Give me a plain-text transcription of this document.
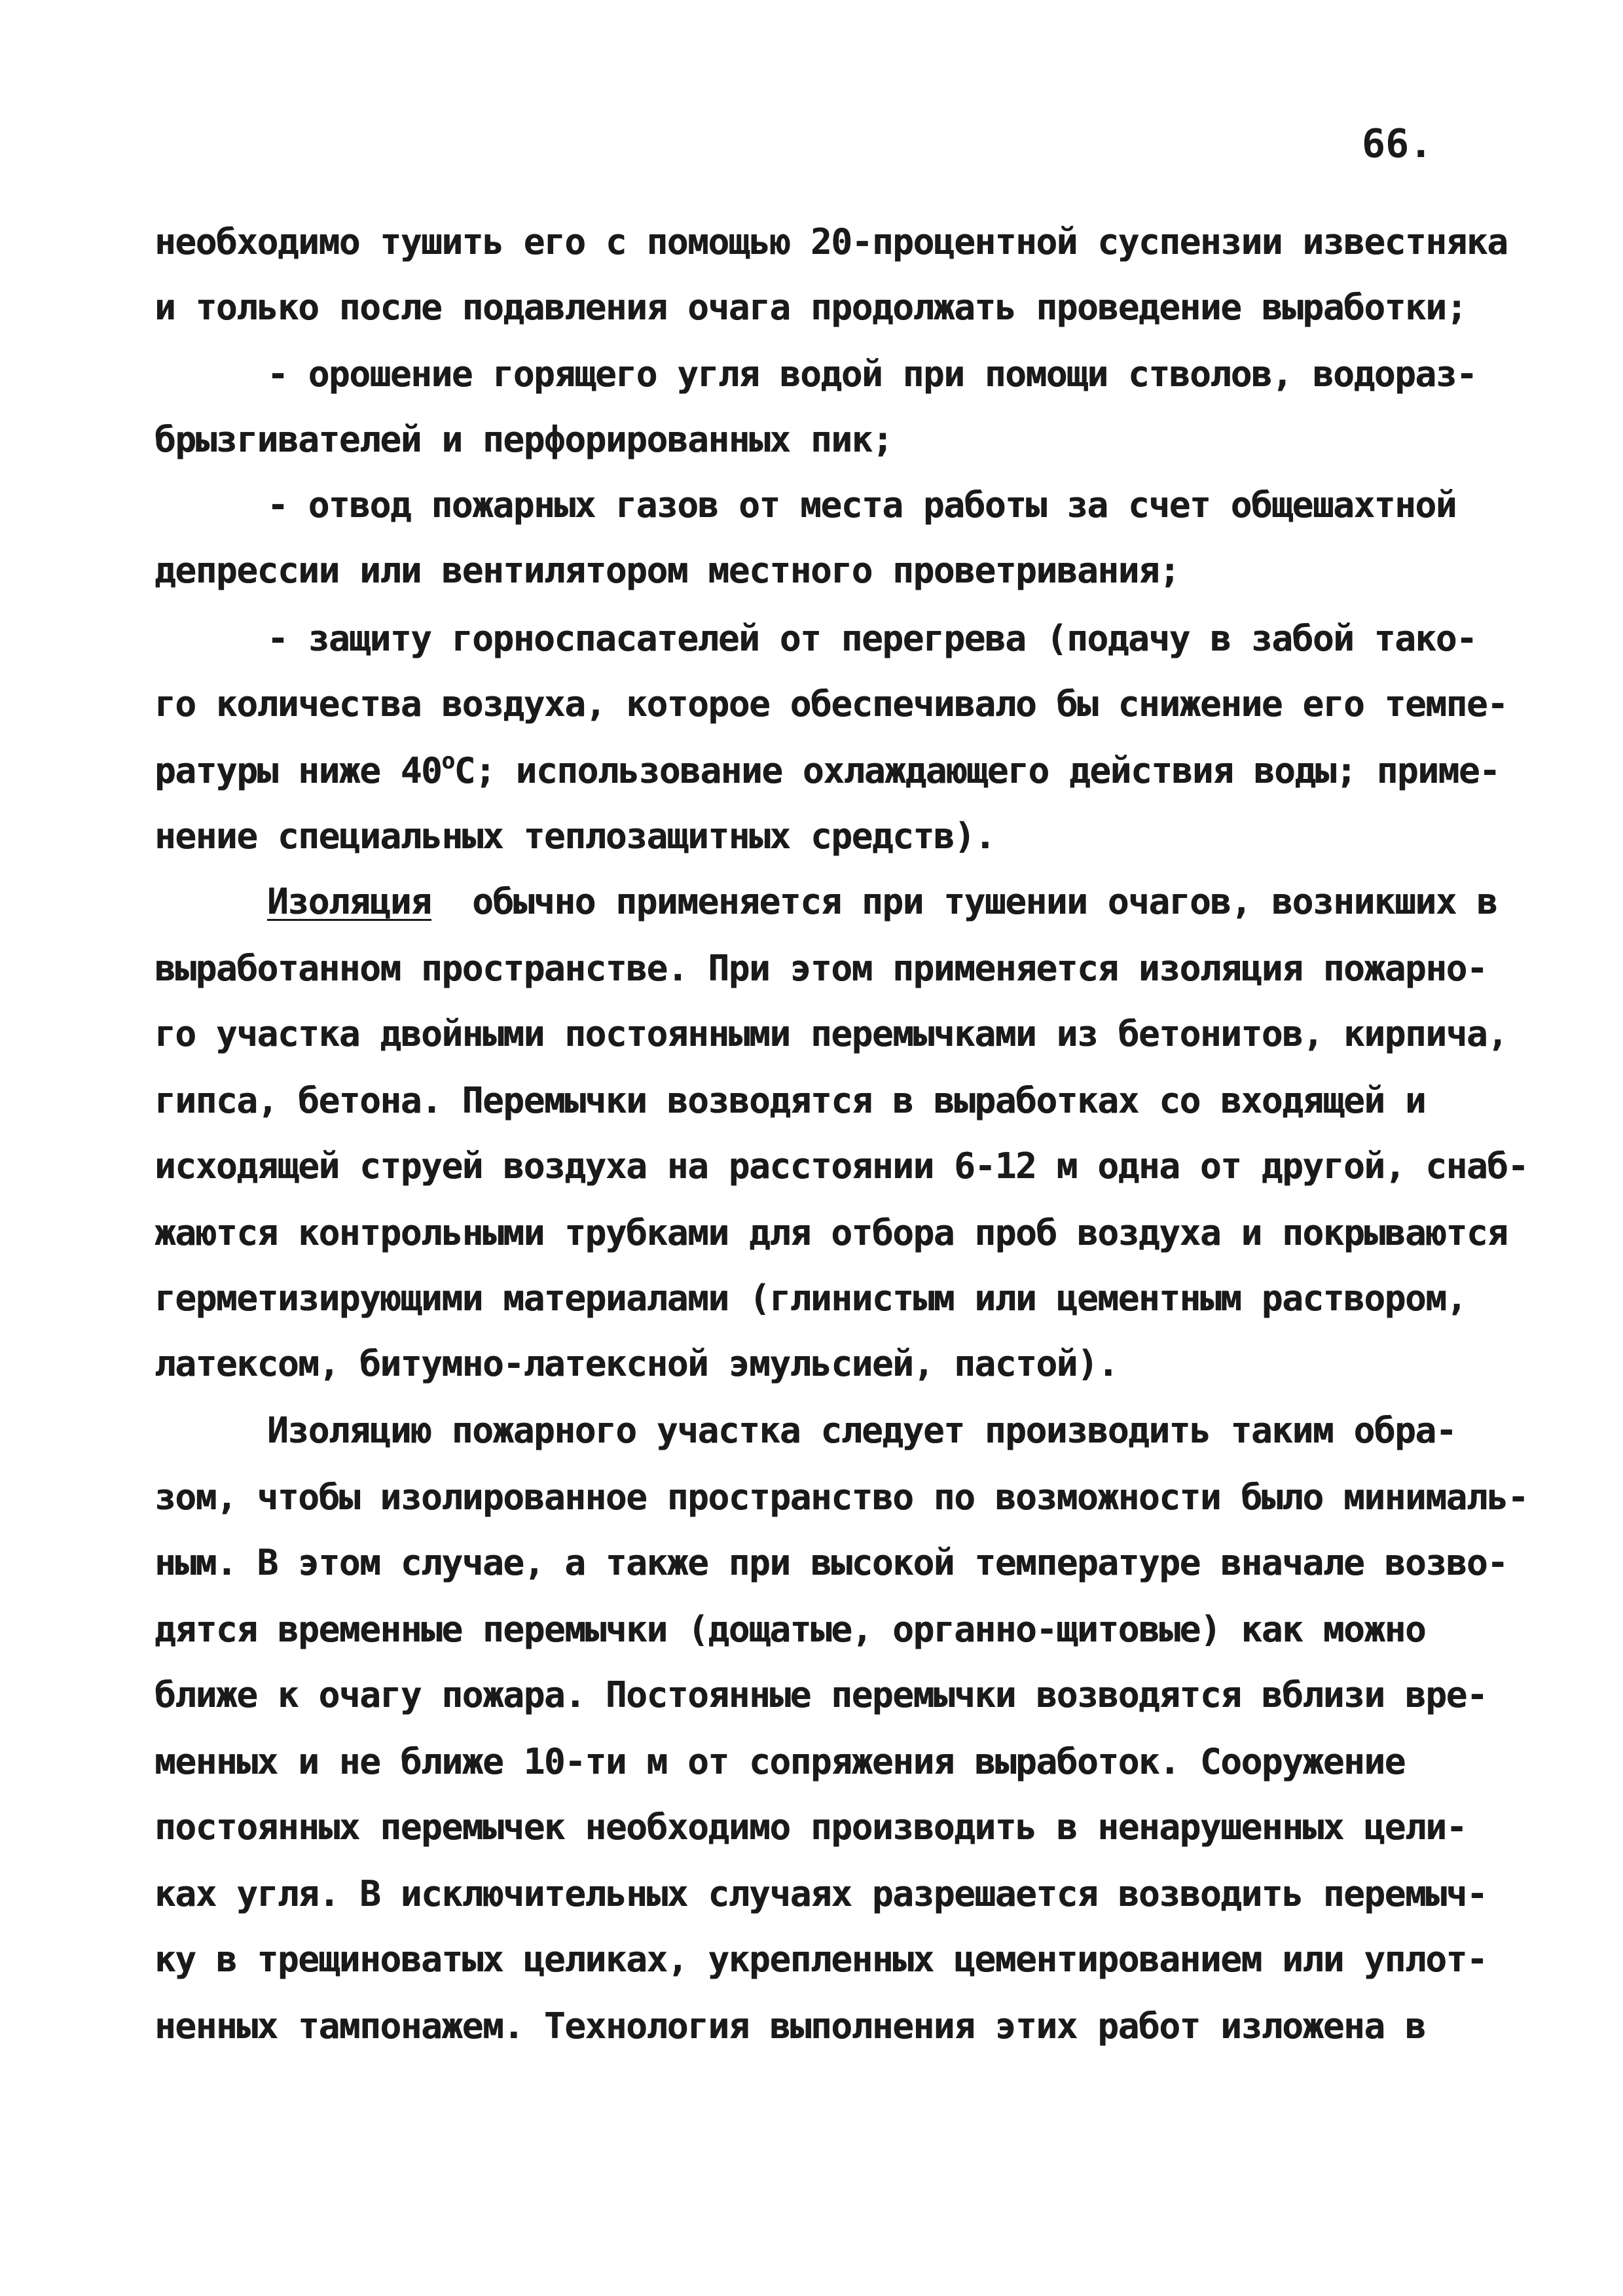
66.
необходимо тушить его с помощью 20-процентной суспензии известняка
и только после подавления очага продолжать проведение выработки;
- орошение горящего угля водой при помощи стволов, водораз-
брызгивателей и перфорированных пик;
- отвод пожарных газов от места работы за счет общешахтной
депрессии или вентилятором местного проветривания;
- защиту горноспасателей от перегрева (подачу в забой тако-
го количества воздуха, которое обеспечивало бы снижение его темпе-
ратуры ниже $40^оС$; использование охлаждающего действия воды; приме-
нение специальных теплозащитных средств).
Изоляция  обычно применяется при тушении очагов, возникших в
выработанном пространстве. При этом применяется изоляция пожарно-
го участка двойными постоянными перемычками из бетонитов, кирпича,
гипса, бетона. Перемычки возводятся в выработках со входящей и
исходящей струей воздуха на расстоянии 6-12 м одна от другой, снаб-
жаются контрольными трубками для отбора проб воздуха и покрываются
герметизирующими материалами (глинистым или цементным раствором,
латексом, битумно-латексной эмульсией, пастой).
Изоляцию пожарного участка следует производить таким обра-
зом, чтобы изолированное пространство по возможности было минималь-
ным. В этом случае, а также при высокой температуре вначале возво-
дятся временные перемычки (дощатые, органно-щитовые) как можно
ближе к очагу пожара. Постоянные перемычки возводятся вблизи вре-
менных и не ближе 10-ти м от сопряжения выработок. Сооружение
постоянных перемычек необходимо производить в ненарушенных цели-
ках угля. В исключительных случаях разрешается возводить перемыч-
ку в трещиноватых целиках, укрепленных цементированием или уплот-
ненных тампонажем. Технология выполнения этих работ изложена в
